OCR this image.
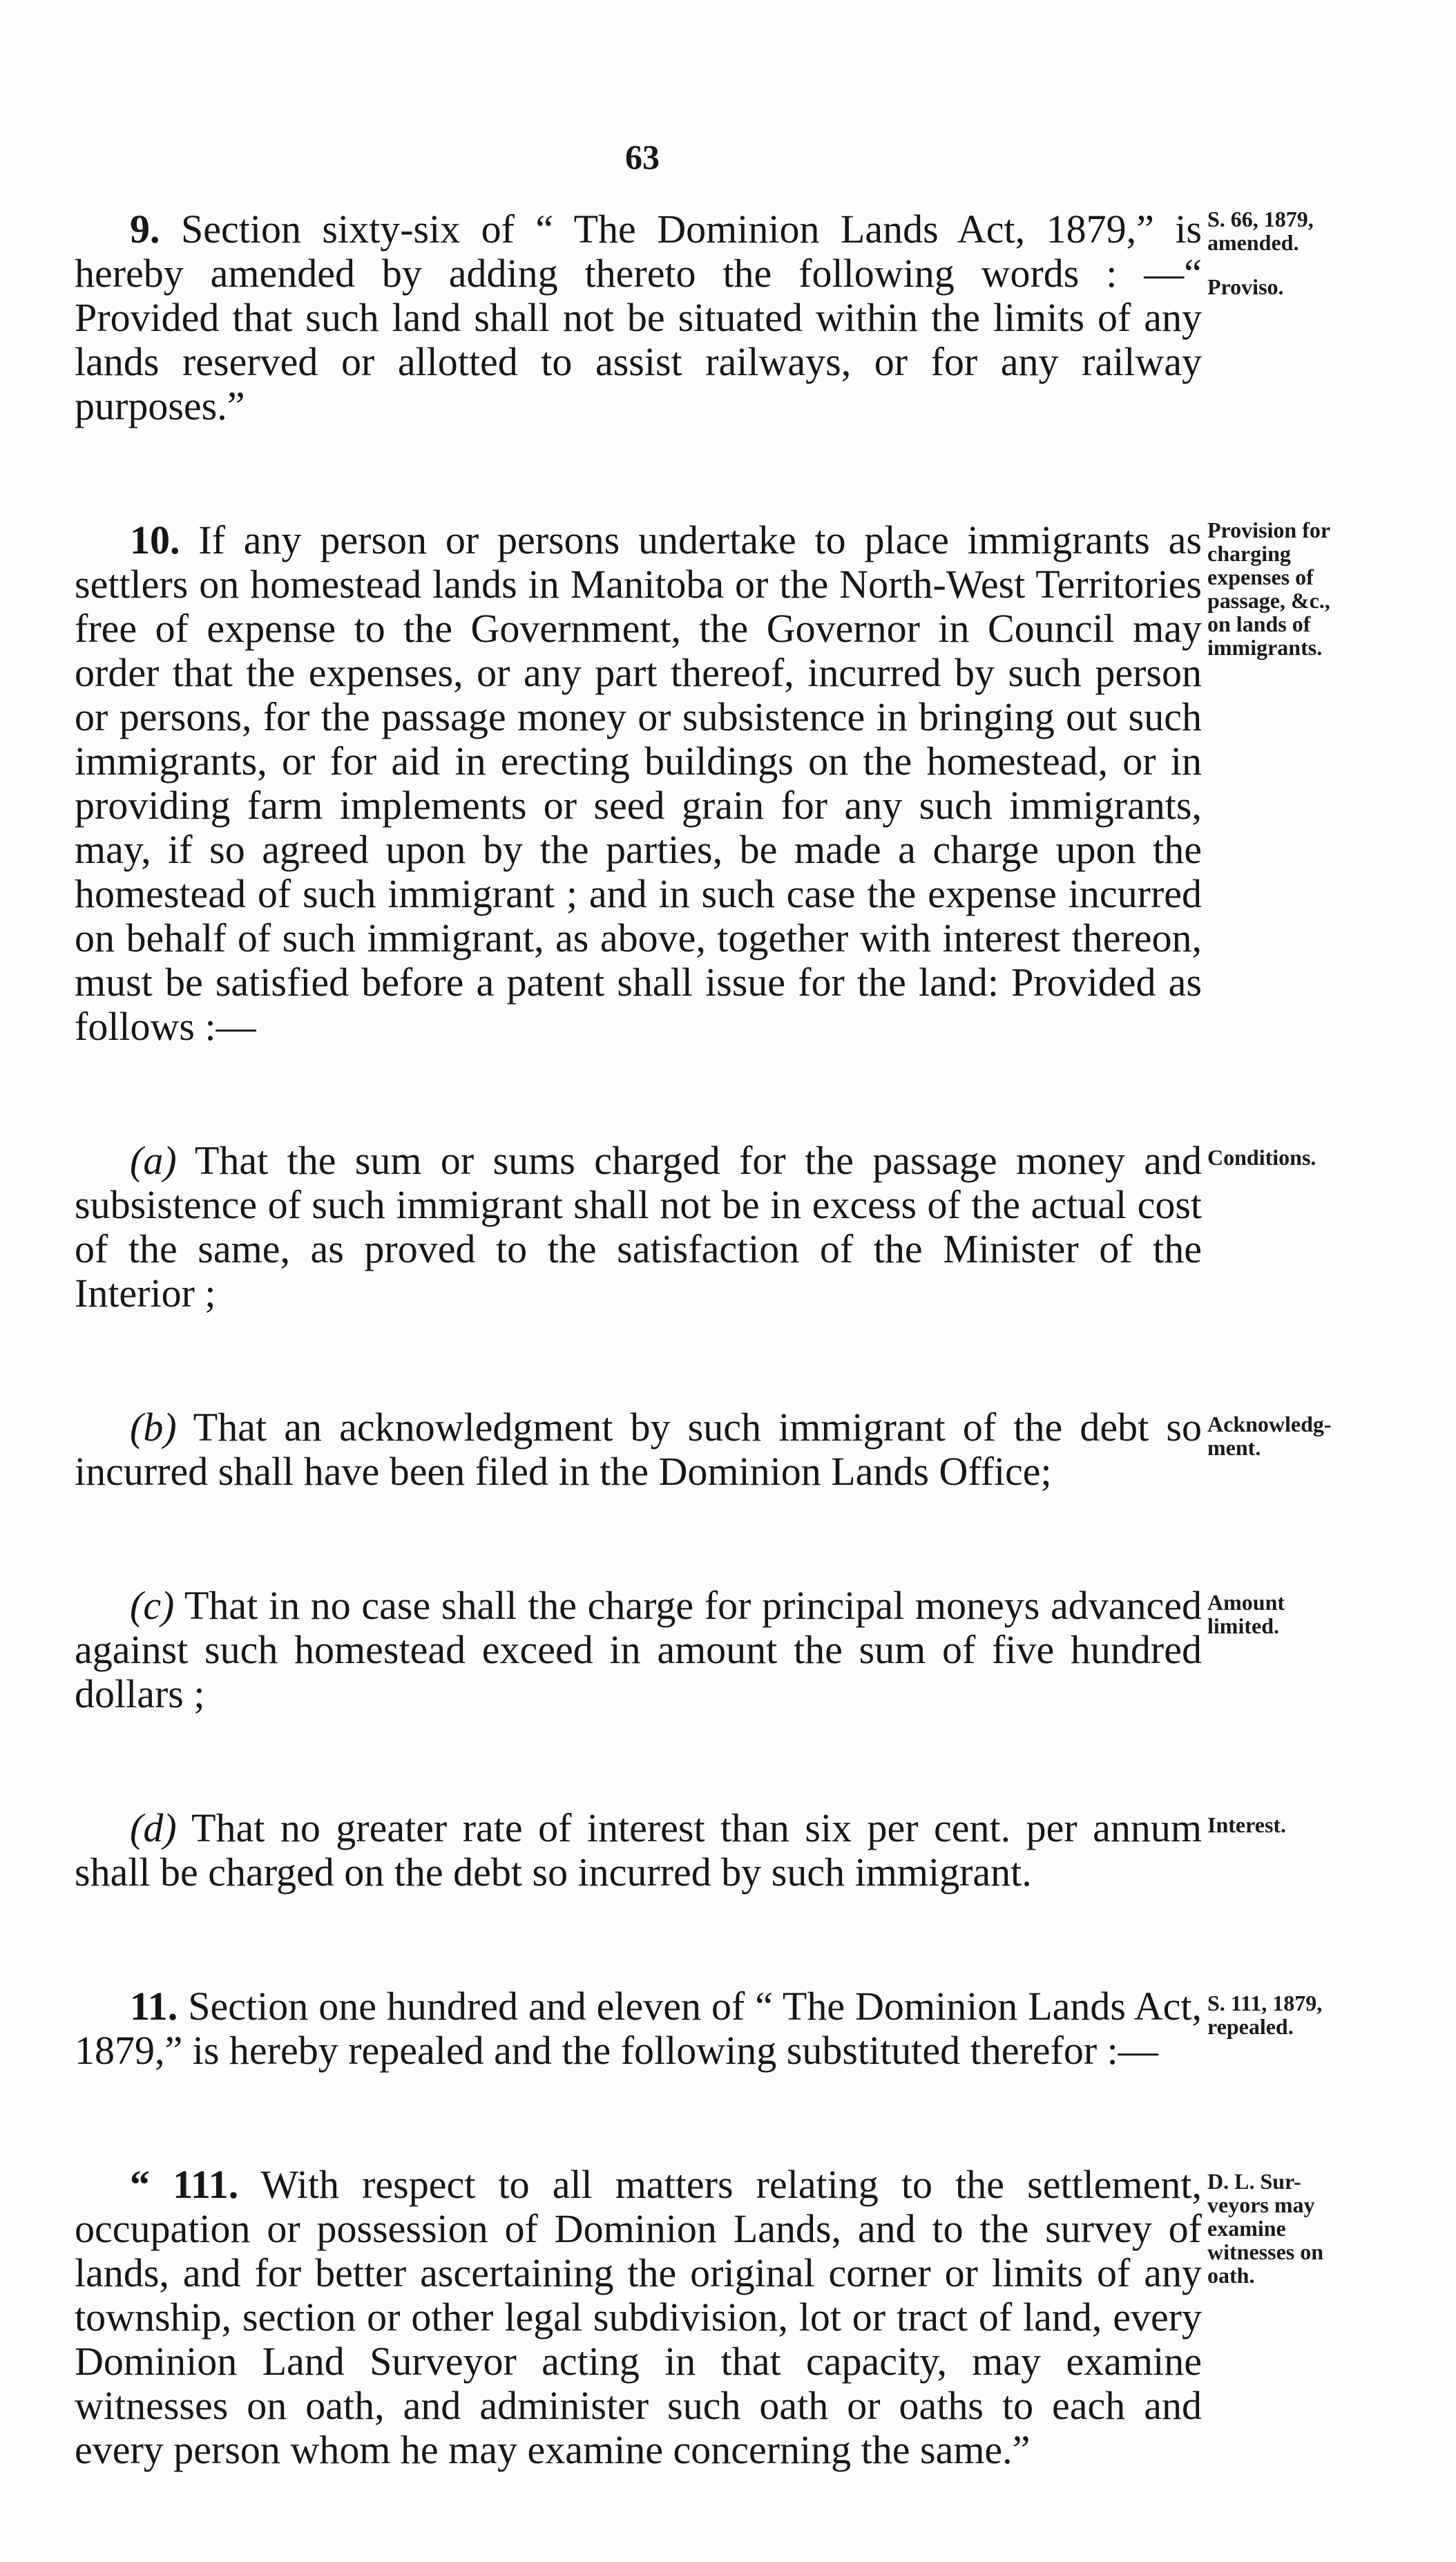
63

9. Section sixty-six of “ The Dominion Lands Act, 1879,” is hereby amended by adding thereto the following words : —“ Provided that such land shall not be situated within the limits of any lands reserved or allotted to assist railways, or for any railway purposes.”

S. 66, 1879,
amended.
Proviso.

10. If any person or persons undertake to place immigrants as settlers on homestead lands in Manitoba or the North-West Territories free of expense to the Government, the Governor in Council may order that the expenses, or any part thereof, incurred by such person or persons, for the passage money or subsistence in bringing out such immigrants, or for aid in erecting buildings on the homestead, or in providing farm implements or seed grain for any such immigrants, may, if so agreed upon by the parties, be made a charge upon the homestead of such immigrant ; and in such case the expense incurred on behalf of such immigrant, as above, together with interest thereon, must be satisfied before a patent shall issue for the land: Provided as follows :—

Provision for
charging
expenses of
passage, &c.,
on lands of
immigrants.

(a) That the sum or sums charged for the passage money and subsistence of such immigrant shall not be in excess of the actual cost of the same, as proved to the satisfaction of the Minister of the Interior ;

Conditions.

(b) That an acknowledgment by such immigrant of the debt so incurred shall have been filed in the Dominion Lands Office;

Acknowledg-
ment.

(c) That in no case shall the charge for principal moneys advanced against such homestead exceed in amount the sum of five hundred dollars ;

Amount
limited.

(d) That no greater rate of interest than six per cent. per annum shall be charged on the debt so incurred by such immigrant.

Interest.

11. Section one hundred and eleven of “ The Dominion Lands Act, 1879,” is hereby repealed and the following substituted therefor :—

S. 111, 1879,
repealed.

“ 111. With respect to all matters relating to the settlement, occupation or possession of Dominion Lands, and to the survey of lands, and for better ascertaining the original corner or limits of any township, section or other legal subdivision, lot or tract of land, every Dominion Land Surveyor acting in that capacity, may examine witnesses on oath, and administer such oath or oaths to each and every person whom he may examine concerning the same.”

D. L. Sur-
veyors may
examine
witnesses on
oath.
